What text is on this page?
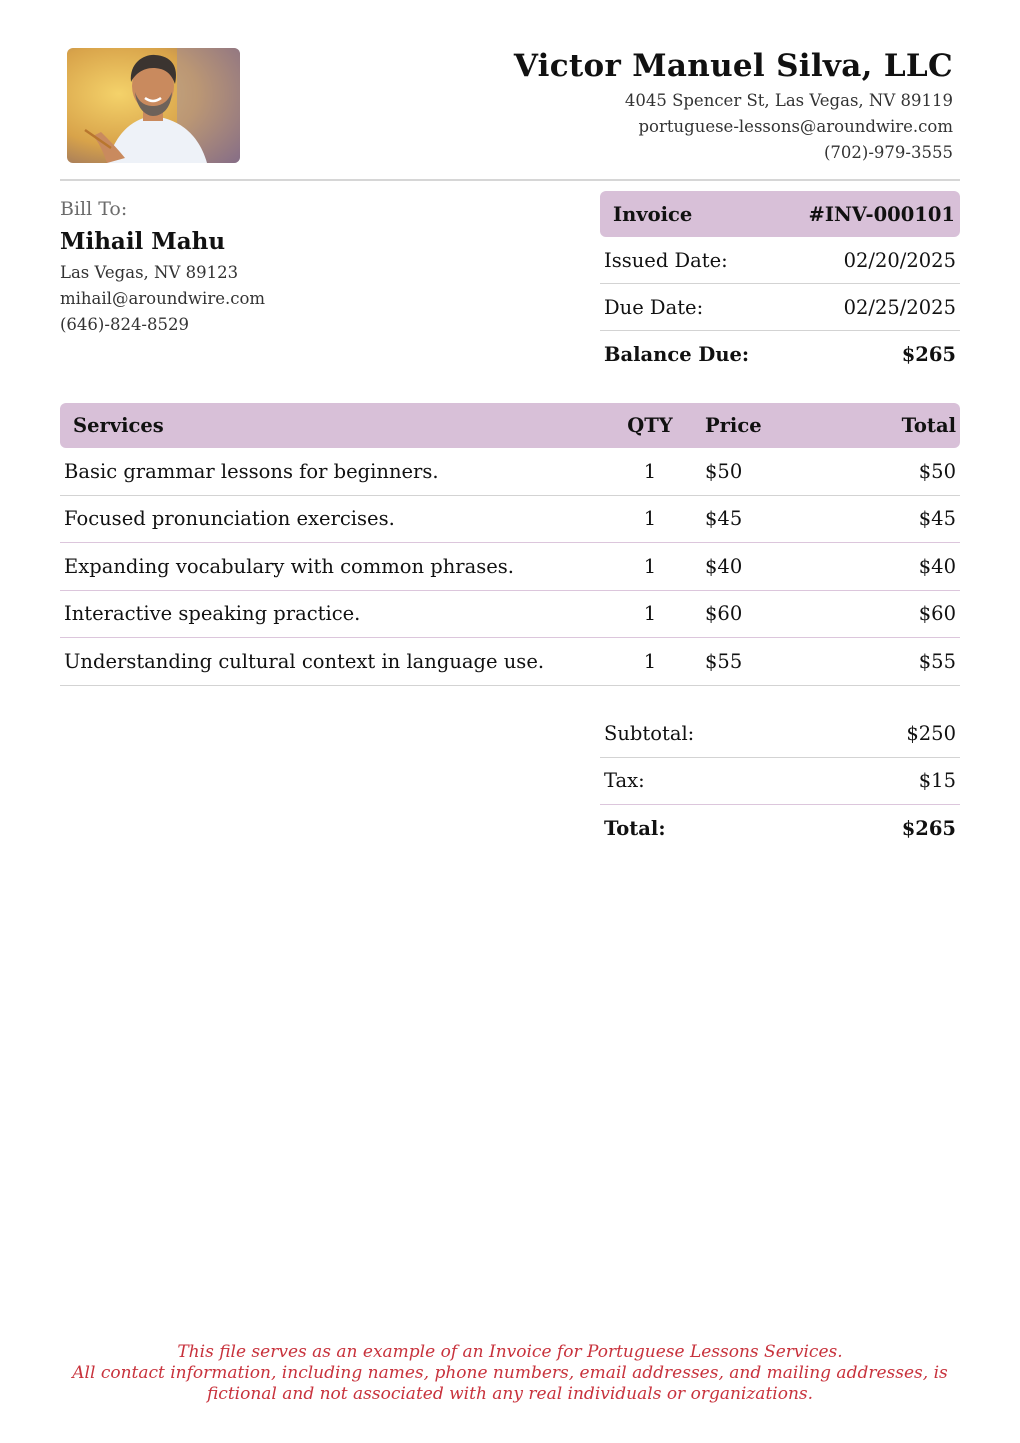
Victor Manuel Silva, LLC
4045 Spencer St, Las Vegas, NV 89119
portuguese-lessons@aroundwire.com
(702)-979-3555
Bill To:
Mihail Mahu
Las Vegas, NV 89123
mihail@aroundwire.com
(646)-824-8529
Invoice	#INV-000101
Issued Date:	02/20/2025
Due Date:	02/25/2025
Balance Due:	$265
Services	QTY	Price	Total
Basic grammar lessons for beginners.	1	$50	$50
Focused pronunciation exercises.	1	$45	$45
Expanding vocabulary with common phrases.	1	$40	$40
Interactive speaking practice.	1	$60	$60
Understanding cultural context in language use.	1	$55	$55
Subtotal:	$250
Tax:	$15
Total:	$265
This file serves as an example of an Invoice for Portuguese Lessons Services.
All contact information, including names, phone numbers, email addresses, and mailing addresses, is
fictional and not associated with any real individuals or organizations.
